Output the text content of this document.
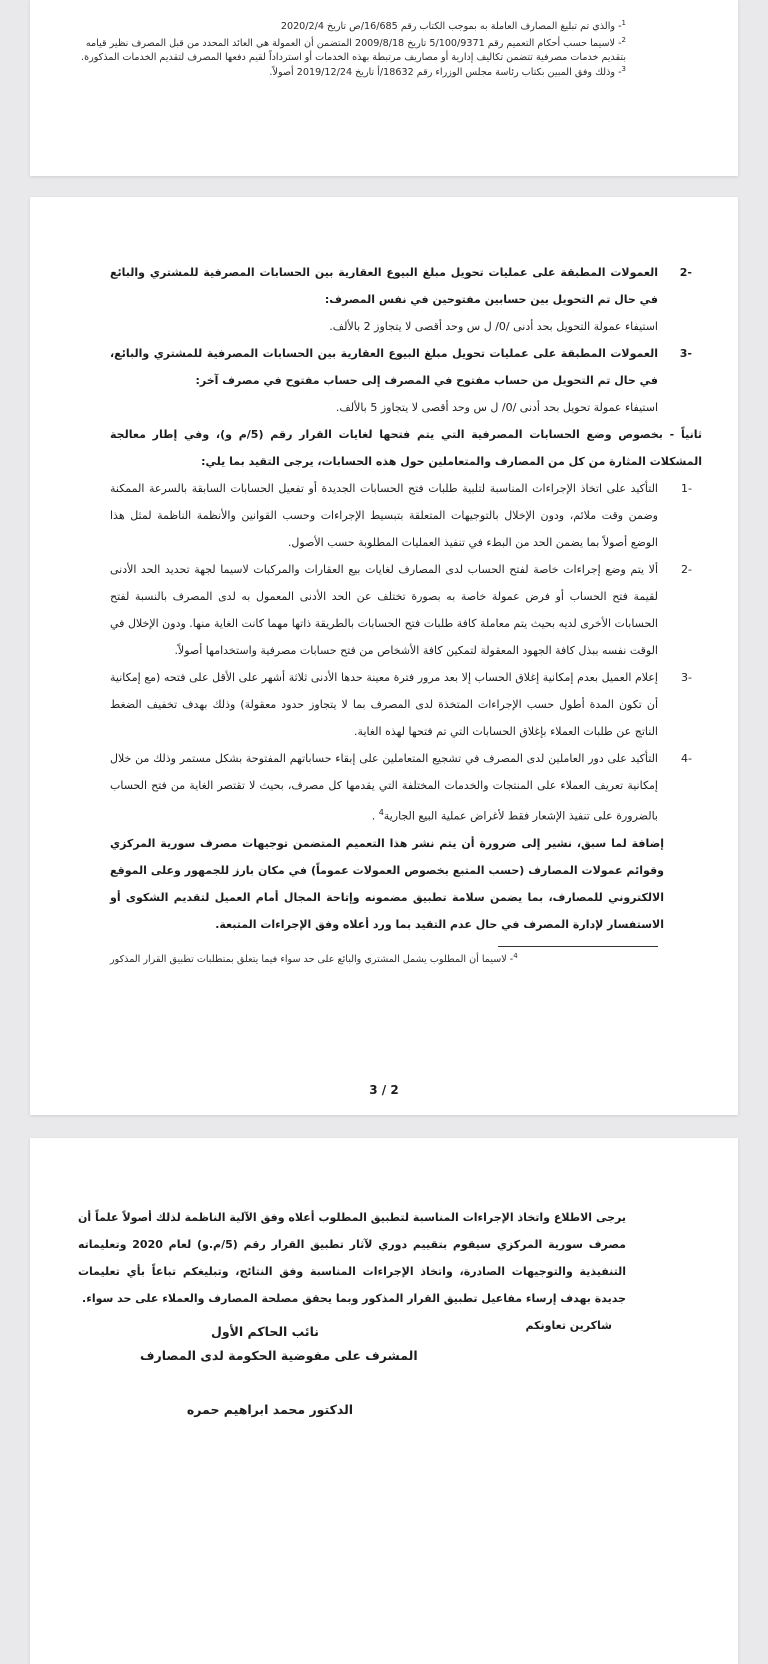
$^1$- والذي تم تبليغ المصارف العاملة به بموجب الكتاب رقم 16/685/ص تاريخ 2020/2/4
$^2$- لاسيما حسب أحكام التعميم رقم 5/100/9371 تاريخ 2009/8/18 المتضمن أن العمولة هي العائد المحدد من قبل المصرف نظير قيامه بتقديم خدمات مصرفية تتضمن تكاليف إدارية أو مصاريف مرتبطة بهذه الخدمات أو استرداداً لقيم دفعها المصرف لتقديم الخدمات المذكورة.
$^3$- وذلك وفق المبين بكتاب رئاسة مجلس الوزراء رقم 18632/أ تاريخ 2019/12/24 أصولاً.
-2
العمولات المطبقة على عمليات تحويل مبلغ البيوع العقارية بين الحسابات المصرفية للمشتري والبائع في حال تم التحويل بين حسابين مفتوحين في نفس المصرف:
استيفاء عمولة التحويل بحد أدنى /0/ ل س وحد أقصى لا يتجاوز 2 بالألف.
-3
العمولات المطبقة على عمليات تحويل مبلغ البيوع العقارية بين الحسابات المصرفية للمشتري والبائع، في حال تم التحويل من حساب مفتوح في المصرف إلى حساب مفتوح في مصرف آخر:
استيفاء عمولة تحويل بحد أدنى /0/ ل س وحد أقصى لا يتجاوز 5 بالألف.
ثانياً - بخصوص وضع الحسابات المصرفية التي يتم فتحها لغايات القرار رقم (5/م و)، وفي إطار معالجة المشكلات المثارة من كل من المصارف والمتعاملين حول هذه الحسابات، يرجى التقيد بما يلي:
-1
التأكيد على اتخاذ الإجراءات المناسبة لتلبية طلبات فتح الحسابات الجديدة أو تفعيل الحسابات السابقة بالسرعة الممكنة وضمن وقت ملائم، ودون الإخلال بالتوجيهات المتعلقة بتبسيط الإجراءات وحسب القوانين والأنظمة الناظمة لمثل هذا الوضع أصولاً بما يضمن الحد من البطء في تنفيذ العمليات المطلوبة حسب الأصول.
-2
ألا يتم وضع إجراءات خاصة لفتح الحساب لدى المصارف لغايات بيع العقارات والمركبات لاسيما لجهة تحديد الحد الأدنى لقيمة فتح الحساب أو فرض عمولة خاصة به بصورة تختلف عن الحد الأدنى المعمول به لدى المصرف بالنسبة لفتح الحسابات الأخرى لديه بحيث يتم معاملة كافة طلبات فتح الحسابات بالطريقة ذاتها مهما كانت الغاية منها. ودون الإخلال في الوقت نفسه ببذل كافة الجهود المعقولة لتمكين كافة الأشخاص من فتح حسابات مصرفية واستخدامها أصولاً.
-3
إعلام العميل بعدم إمكانية إغلاق الحساب إلا بعد مرور فترة معينة حدها الأدنى ثلاثة أشهر على الأقل على فتحه (مع إمكانية أن تكون المدة أطول حسب الإجراءات المتخذة لدى المصرف بما لا يتجاوز حدود معقولة) وذلك بهدف تخفيف الضغط الناتج عن طلبات العملاء بإغلاق الحسابات التي تم فتحها لهذه الغاية.
-4
التأكيد على دور العاملين لدى المصرف في تشجيع المتعاملين على إبقاء حساباتهم المفتوحة بشكل مستمر وذلك من خلال إمكانية تعريف العملاء على المنتجات والخدمات المختلفة التي يقدمها كل مصرف، بحيث لا تقتصر الغاية من فتح الحساب بالضرورة على تنفيذ الإشعار فقط لأغراض عملية البيع الجارية$^4$ .
إضافة لما سبق، نشير إلى ضرورة أن يتم نشر هذا التعميم المتضمن توجيهات مصرف سورية المركزي وقوائم عمولات المصارف (حسب المتبع بخصوص العمولات عموماً) في مكان بارز للجمهور وعلى الموقع الالكتروني للمصارف، بما يضمن سلامة تطبيق مضمونه وإتاحة المجال أمام العميل لتقديم الشكوى أو الاستفسار لإدارة المصرف في حال عدم التقيد بما ورد أعلاه وفق الإجراءات المتبعة.
$^4$- لاسيما أن المطلوب يشمل المشتري والبائع على حد سواء فيما يتعلق بمتطلبات تطبيق القرار المذكور
3 / 2
يرجى الاطلاع واتخاذ الإجراءات المناسبة لتطبيق المطلوب أعلاه وفق الآلية الناظمة لذلك أصولاً علماً أن مصرف سورية المركزي سيقوم بتقييم دوري لآثار تطبيق القرار رقم (5/م.و) لعام 2020 وتعليماته التنفيذية والتوجيهات الصادرة، واتخاذ الإجراءات المناسبة وفق النتائج، وتبليغكم تباعاً بأي تعليمات جديدة بهدف إرساء مفاعيل تطبيق القرار المذكور وبما يحقق مصلحة المصارف والعملاء على حد سواء.
شاكرين تعاونكم
نائب الحاكم الأول
المشرف على مفوضية الحكومة لدى المصارف
الدكتور محمد ابراهيم حمره
